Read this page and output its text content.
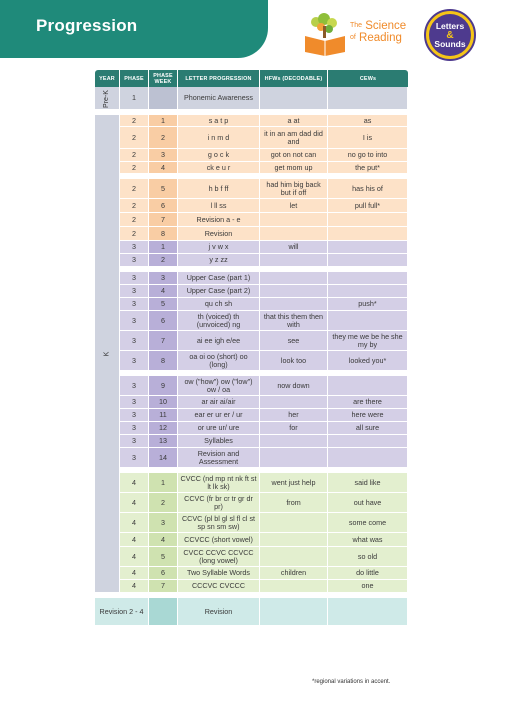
Progression	The Science
of Reading
Letters
&
Sounds
YEAR	PHASE	PHASE WEEK	LETTER PROGRESSION	HFWs (DECODABLE)	CEWs
Pre-K	1		Phonemic Awareness		

K	2	1	s a t p	a at	as
	2	2	i n m d	it in an am dad did and	I is
	2	3	g o c k	got on not can	no go to into
	2	4	ck e u r	get mom up	the put*

	2	5	h b f ff	had him big back but if off	has his of
	2	6	l ll ss	let	pull full*
	2	7	Revision a - e		
	2	8	Revision		
	3	1	j v w x	will	
	3	2	y z zz		

	3	3	Upper Case (part 1)		
	3	4	Upper Case (part 2)		
	3	5	qu ch sh		push*
	3	6	th (voiced) th (unvoiced) ng	that this them then with	
	3	7	ai ee igh e/ee	see	they me we be he she my by
	3	8	oa oi oo (short) oo (long)	look too	looked you*

	3	9	ow ("how") ow ("low") ow / oa	now down	
	3	10	ar air ai/air		are there
	3	11	ear er ur er / ur	her	here were
	3	12	or ure ur/ ure	for	all sure
	3	13	Syllables		
	3	14	Revision and Assessment		

	4	1	CVCC (nd mp nt nk ft st lt lk sk)	went just help	said like
	4	2	CCVC (fr br cr tr gr dr pr)	from	out have
	4	3	CCVC (pl bl gl sl fl cl st sp sn sm sw)		some come
	4	4	CCVCC (short vowel)		what was
	4	5	CVCC CCVC CCVCC (long vowel)		so old
	4	6	Two Syllable Words	children	do little
	4	7	CCCVC CVCCC		one

Revision 2 - 4			Revision		
*regional variations in accent.
